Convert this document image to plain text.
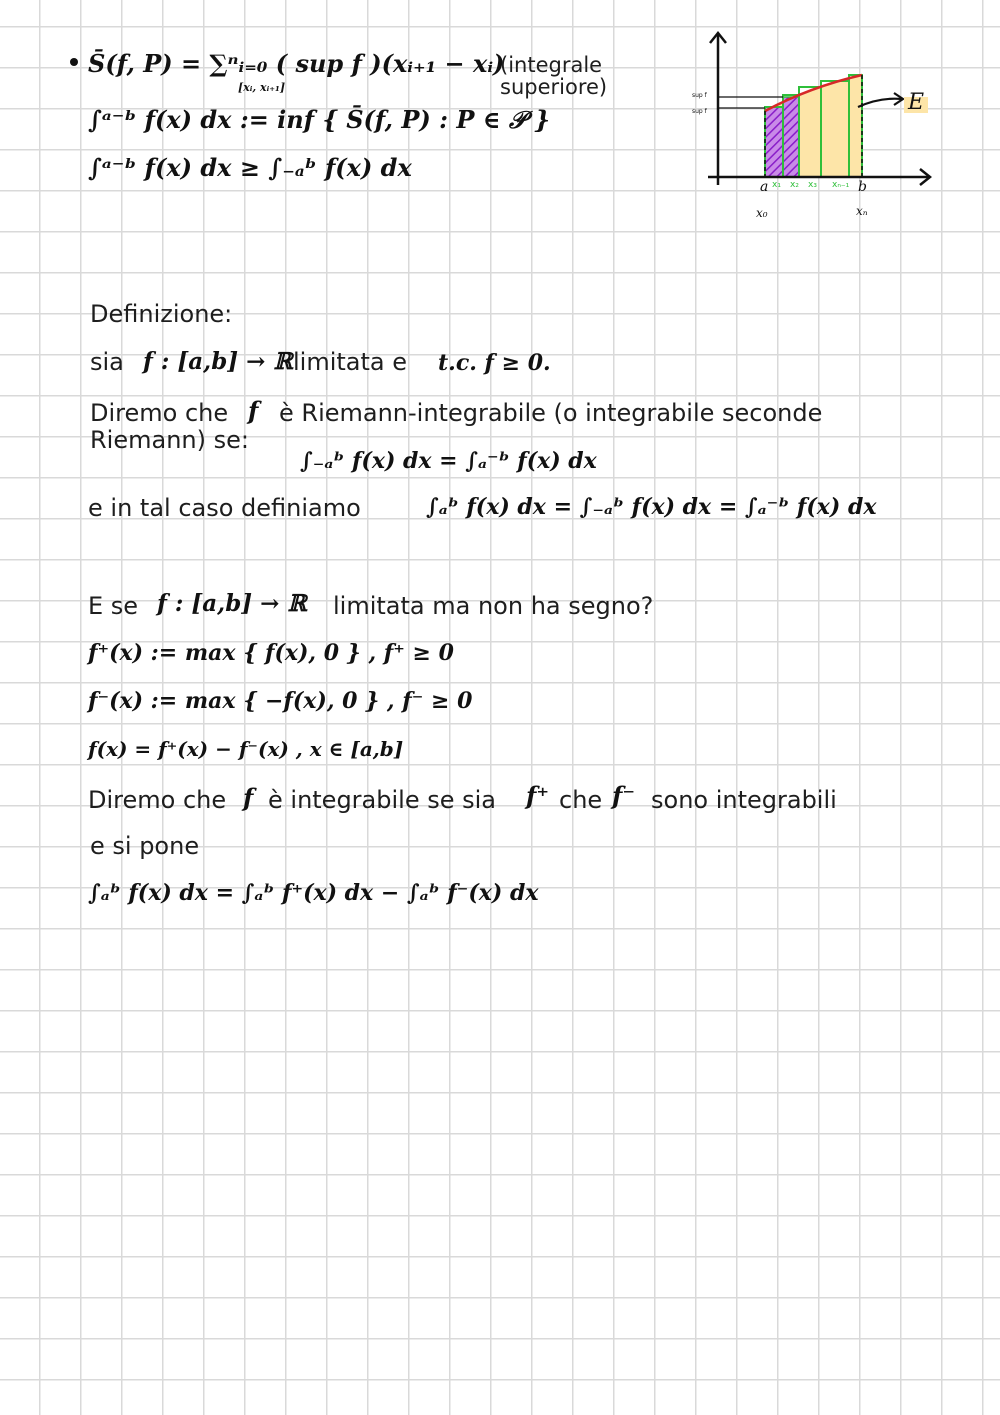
S̄(f, P) = ∑ⁿᵢ₌₀ ( sup f )(xᵢ₊₁ − xᵢ)
[xᵢ, xᵢ₊₁]
∫ᵃ⁻ᵇ f(x) dx := inf { S̄(f, P) : P ∈ 𝒫 }
∫ᵃ⁻ᵇ f(x) dx ≥ ∫₋ₐᵇ f(x) dx
(integrale
superiore)
E
x₁ x₂ x₃ xₙ₋₁
a
x₀
b
xₙ
sup f
sup f
Definizione:
sia f : [a,b] → ℝ limitata e t.c. f ≥ 0.
Diremo che f è Riemann-integrabile (o integrabile seconde
Riemann) se:
∫₋ₐᵇ f(x) dx = ∫ₐ⁻ᵇ f(x) dx
e in tal caso definiamo	∫ₐᵇ f(x) dx = ∫₋ₐᵇ f(x) dx = ∫ₐ⁻ᵇ f(x) dx
E se f : [a,b] → ℝ limitata ma non ha segno?
f⁺(x) := max { f(x), 0 } , f⁺ ≥ 0
f⁻(x) := max { −f(x), 0 } , f⁻ ≥ 0
f(x) = f⁺(x) − f⁻(x) , x ∈ [a,b]
Diremo che f è integrabile se sia f⁺ che f⁻ sono integrabili
e si pone
∫ₐᵇ f(x) dx = ∫ₐᵇ f⁺(x) dx − ∫ₐᵇ f⁻(x) dx
